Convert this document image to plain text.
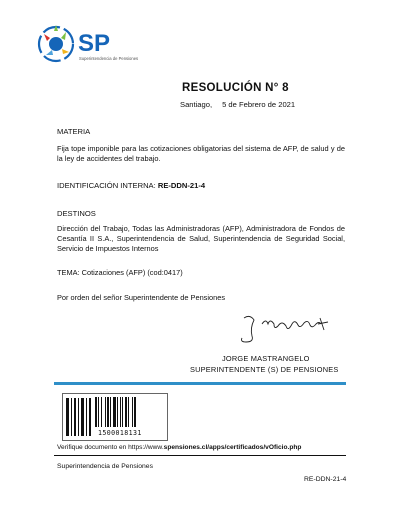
SP
Superintendencia de Pensiones
RESOLUCIÓN N° 8
Santiago, 5 de Febrero de 2021
MATERIA
Fija tope imponible para las cotizaciones obligatorias del sistema de AFP, de salud y de la ley de accidentes del trabajo.
IDENTIFICACIÓN INTERNA: RE-DDN-21-4
DESTINOS
Dirección del Trabajo, Todas las Administradoras (AFP), Administradora de Fondos de Cesantía II S.A., Superintendencia de Salud, Superintendencia de Seguridad Social, Servicio de Impuestos Internos
TEMA: Cotizaciones (AFP) (cod:0417)
Por orden del señor Superintendente de Pensiones
JORGE MASTRANGELO
SUPERINTENDENTE (S) DE PENSIONES
1500018131
Verifique documento en https://www.spensiones.cl/apps/certificados/vOficio.php
Superintendencia de Pensiones
RE-DDN-21-4
